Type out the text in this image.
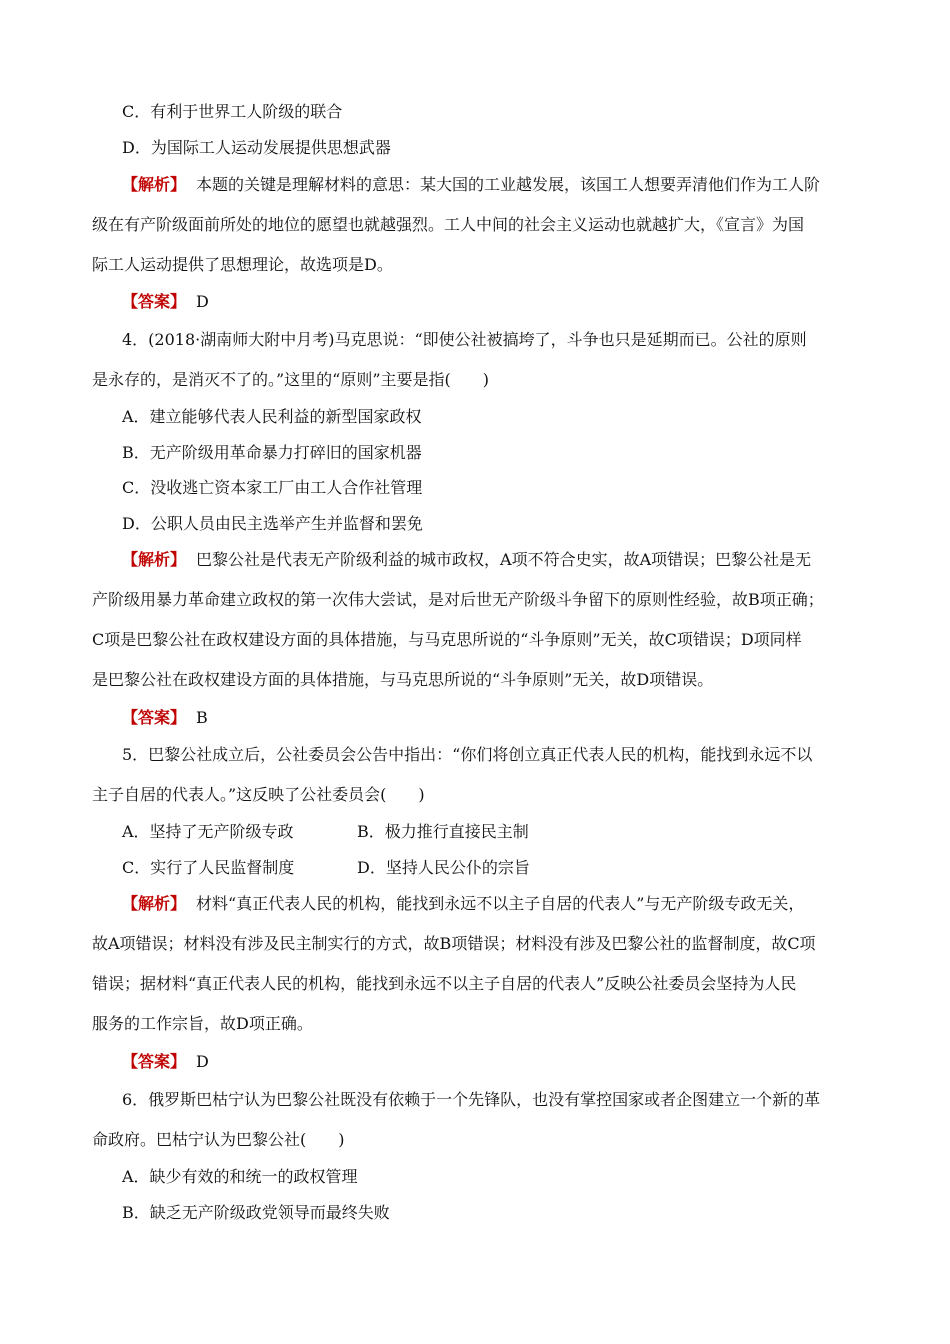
C．有利于世界工人阶级的联合
D．为国际工人运动发展提供思想武器
【解析】 本题的关键是理解材料的意思：某大国的工业越发展，该国工人想要弄清他们作为工人阶
级在有产阶级面前所处的地位的愿望也就越强烈。工人中间的社会主义运动也就越扩大，《宣言》为国
际工人运动提供了思想理论，故选项是D。
【答案】 D
4．(2018·湖南师大附中月考)马克思说：“即使公社被搞垮了，斗争也只是延期而已。公社的原则
是永存的，是消灭不了的。”这里的“原则”主要是指(　　)
A．建立能够代表人民利益的新型国家政权
B．无产阶级用革命暴力打碎旧的国家机器
C．没收逃亡资本家工厂由工人合作社管理
D．公职人员由民主选举产生并监督和罢免
【解析】 巴黎公社是代表无产阶级利益的城市政权，A项不符合史实，故A项错误；巴黎公社是无
产阶级用暴力革命建立政权的第一次伟大尝试，是对后世无产阶级斗争留下的原则性经验，故B项正确；
C项是巴黎公社在政权建设方面的具体措施，与马克思所说的“斗争原则”无关，故C项错误；D项同样
是巴黎公社在政权建设方面的具体措施，与马克思所说的“斗争原则”无关，故D项错误。
【答案】 B
5．巴黎公社成立后，公社委员会公告中指出：“你们将创立真正代表人民的机构，能找到永远不以
主子自居的代表人。”这反映了公社委员会(　　)
A．坚持了无产阶级专政	B．极力推行直接民主制
C．实行了人民监督制度	D．坚持人民公仆的宗旨
【解析】 材料“真正代表人民的机构，能找到永远不以主子自居的代表人”与无产阶级专政无关，
故A项错误；材料没有涉及民主制实行的方式，故B项错误；材料没有涉及巴黎公社的监督制度，故C项
错误；据材料“真正代表人民的机构，能找到永远不以主子自居的代表人”反映公社委员会坚持为人民
服务的工作宗旨，故D项正确。
【答案】 D
6．俄罗斯巴枯宁认为巴黎公社既没有依赖于一个先锋队，也没有掌控国家或者企图建立一个新的革
命政府。巴枯宁认为巴黎公社(　　)
A．缺少有效的和统一的政权管理
B．缺乏无产阶级政党领导而最终失败
